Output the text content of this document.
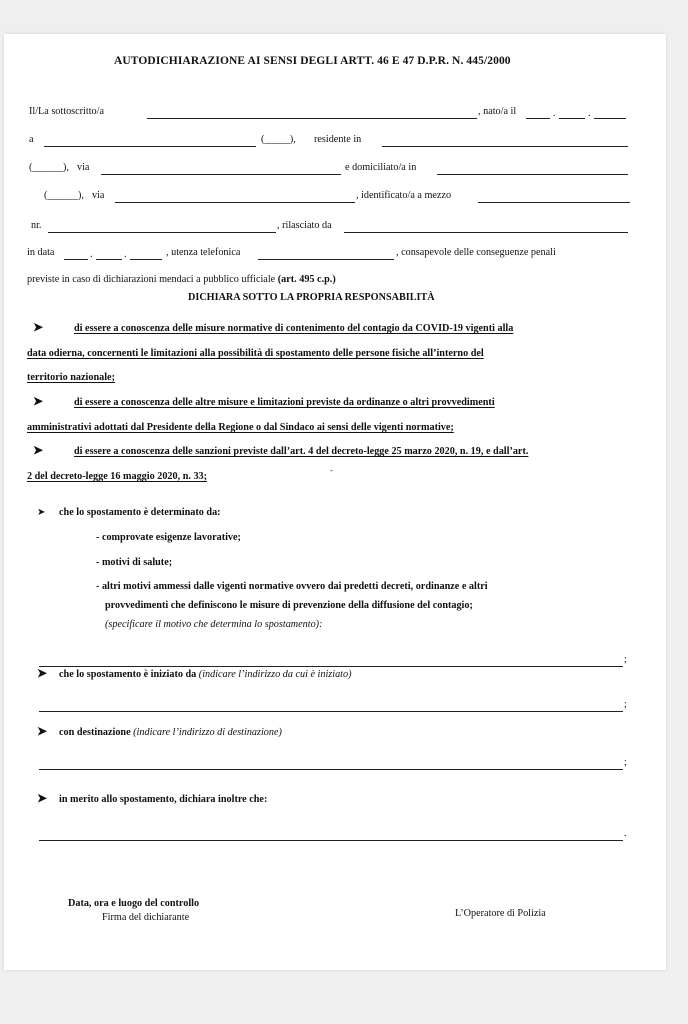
AUTODICHIARAZIONE AI SENSI DEGLI ARTT. 46 E 47 D.P.R. N. 445/2000
Il/La sottoscritto/a	, nato/a il	.	.
a	(_____), residente in
(______), via	e domiciliato/a in
(______), via	, identificato/a a mezzo
nr.	, rilasciato da
in data	.	.	, utenza telefonica	, consapevole delle conseguenze penali
previste in caso di dichiarazioni mendaci a pubblico ufficiale (art. 495 c.p.)
DICHIARA SOTTO LA PROPRIA RESPONSABILITÀ
➤	di essere a conoscenza delle misure normative di contenimento del contagio da COVID-19 vigenti alla
data odierna, concernenti le limitazioni alla possibilità di spostamento delle persone fisiche all’interno del
territorio nazionale;
➤	di essere a conoscenza delle altre misure e limitazioni previste da ordinanze o altri provvedimenti
amministrativi adottati dal Presidente della Regione o dal Sindaco ai sensi delle vigenti normative;
➤	di essere a conoscenza delle sanzioni previste dall’art. 4 del decreto-legge 25 marzo 2020, n. 19, e dall’art.
2 del decreto-legge 16 maggio 2020, n. 33;
-
➤ che lo spostamento è determinato da:
- comprovate esigenze lavorative;
- motivi di salute;
- altri motivi ammessi dalle vigenti normative ovvero dai predetti decreti, ordinanze e altri
provvedimenti che definiscono le misure di prevenzione della diffusione del contagio;
(specificare il motivo che determina lo spostamento):
;
➤ che lo spostamento è iniziato da (indicare l’indirizzo da cui è iniziato)
;
➤ con destinazione (indicare l’indirizzo di destinazione)
;
➤ in merito allo spostamento, dichiara inoltre che:
.
Data, ora e luogo del controllo
Firma del dichiarante	L’Operatore di Polizia
